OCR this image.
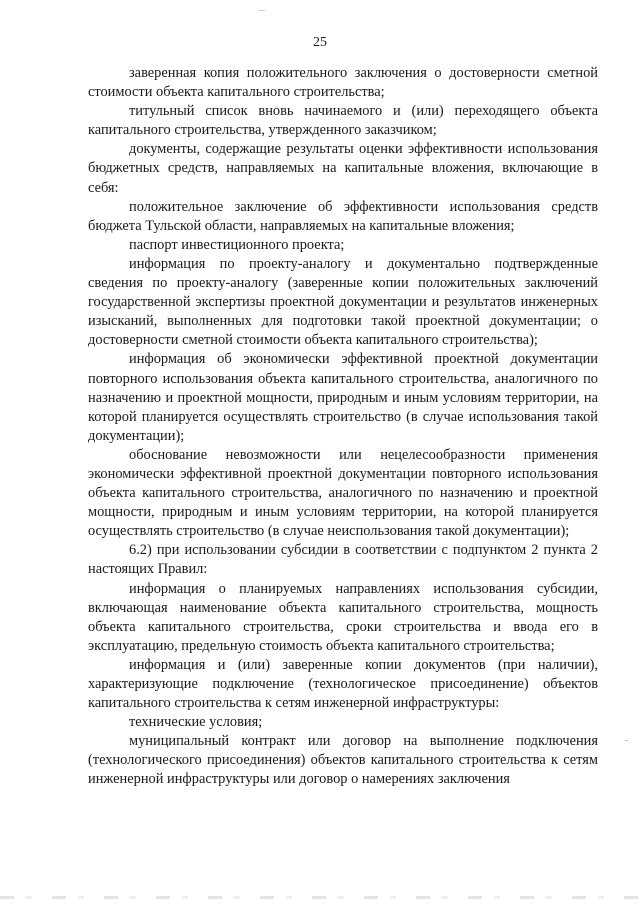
25

заверенная копия положительного заключения о достоверности сметной стоимости объекта капитального строительства;

титульный список вновь начинаемого и (или) переходящего объекта капитального строительства, утвержденного заказчиком;

документы, содержащие результаты оценки эффективности использования бюджетных средств, направляемых на капитальные вложения, включающие в себя:

положительное заключение об эффективности использования средств бюджета Тульской области, направляемых на капитальные вложения;

паспорт инвестиционного проекта;

информация по проекту-аналогу и документально подтвержденные сведения по проекту-аналогу (заверенные копии положительных заключений государственной экспертизы проектной документации и результатов инженерных изысканий, выполненных для подготовки такой проектной документации; о достоверности сметной стоимости объекта капитального строительства);

информация об экономически эффективной проектной документации повторного использования объекта капитального строительства, аналогичного по назначению и проектной мощности, природным и иным условиям территории, на которой планируется осуществлять строительство (в случае использования такой документации);

обоснование невозможности или нецелесообразности применения экономически эффективной проектной документации повторного использования объекта капитального строительства, аналогичного по назначению и проектной мощности, природным и иным условиям территории, на которой планируется осуществлять строительство (в случае неиспользования такой документации);

6.2) при использовании субсидии в соответствии с подпунктом 2 пункта 2 настоящих Правил:

информация о планируемых направлениях использования субсидии, включающая наименование объекта капитального строительства, мощность объекта капитального строительства, сроки строительства и ввода его в эксплуатацию, предельную стоимость объекта капитального строительства;

информация и (или) заверенные копии документов (при наличии), характеризующие подключение (технологическое присоединение) объектов капитального строительства к сетям инженерной инфраструктуры:

технические условия;

муниципальный контракт или договор на выполнение подключения (технологического присоединения) объектов капитального строительства к сетям инженерной инфраструктуры или договор о намерениях заключения
